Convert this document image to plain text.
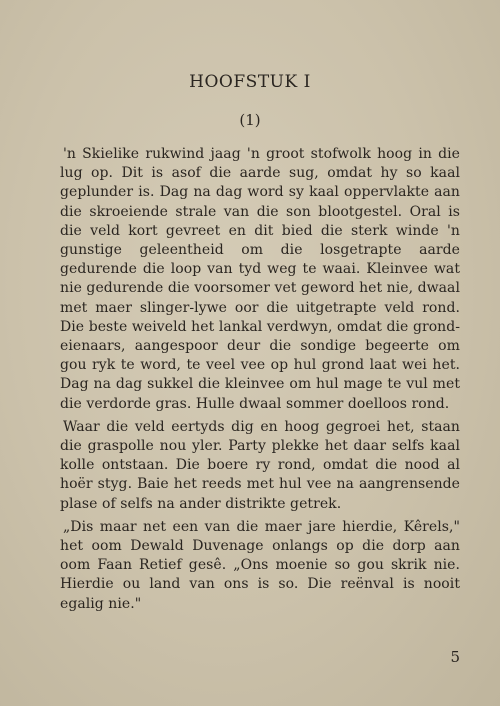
HOOFSTUK I
(1)

'n Skielike rukwind jaag 'n groot stofwolk hoog in die lug op. Dit is asof die aarde sug, omdat hy so kaal geplunder is. Dag na dag word sy kaal oppervlakte aan die skroeiende strale van die son blootgestel. Oral is die veld kort gevreet en dit bied die sterk winde 'n gunstige geleentheid om die losgetrapte aarde gedurende die loop van tyd weg te waai. Kleinvee wat nie gedurende die voorsomer vet geword het nie, dwaal met maer slinger-lywe oor die uitgetrapte veld rond. Die beste weiveld het lankal verdwyn, omdat die grondeienaars, aangespoor deur die sondige begeerte om gou ryk te word, te veel vee op hul grond laat wei het. Dag na dag sukkel die kleinvee om hul mage te vul met die verdorde gras. Hulle dwaal sommer doelloos rond.

Waar die veld eertyds dig en hoog gegroei het, staan die graspolle nou yler. Party plekke het daar selfs kaal kolle ontstaan. Die boere ry rond, omdat die nood al hoër styg. Baie het reeds met hul vee na aangrensende plase of selfs na ander distrikte getrek.

„Dis maar net een van die maer jare hierdie, Kêrels," het oom Dewald Duvenage onlangs op die dorp aan oom Faan Retief gesê. „Ons moenie so gou skrik nie. Hierdie ou land van ons is so. Die reënval is nooit egalig nie."

5
